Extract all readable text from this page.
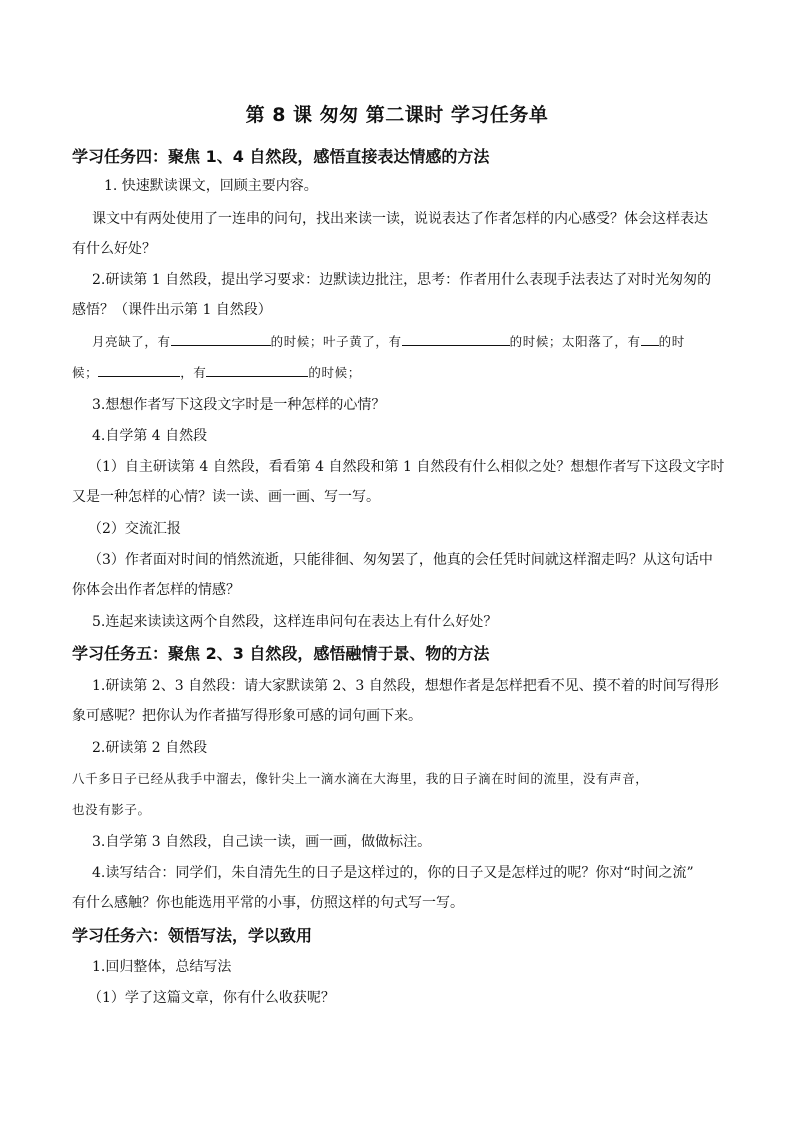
第 8 课 匆匆 第二课时 学习任务单
学习任务四：聚焦 1、4 自然段，感悟直接表达情感的方法
1. 快速默读课文，回顾主要内容。
课文中有两处使用了一连串的问句，找出来读一读，说说表达了作者怎样的内心感受？体会这样表达
有什么好处？
2.研读第 1 自然段，提出学习要求：边默读边批注，思考：作者用什么表现手法表达了对时光匆匆的
感悟？（课件出示第 1 自然段）
月亮缺了，有	的时候；叶子黄了，有	的时候；太阳落了，有 的时
候；	，有	的时候；
3.想想作者写下这段文字时是一种怎样的心情？
4.自学第 4 自然段
（1）自主研读第 4 自然段，看看第 4 自然段和第 1 自然段有什么相似之处？想想作者写下这段文字时
又是一种怎样的心情？读一读、画一画、写一写。
（2）交流汇报
（3）作者面对时间的悄然流逝，只能徘徊、匆匆罢了，他真的会任凭时间就这样溜走吗？从这句话中
你体会出作者怎样的情感？
5.连起来读读这两个自然段，这样连串问句在表达上有什么好处？
学习任务五：聚焦 2、3 自然段，感悟融情于景、物的方法
1.研读第 2、3 自然段：请大家默读第 2、3 自然段，想想作者是怎样把看不见、摸不着的时间写得形
象可感呢？把你认为作者描写得形象可感的词句画下来。
2.研读第 2 自然段
八千多日子已经从我手中溜去，像针尖上一滴水滴在大海里，我的日子滴在时间的流里，没有声音，
也没有影子。
3.自学第 3 自然段，自己读一读，画一画，做做标注。
4.读写结合：同学们，朱自清先生的日子是这样过的，你的日子又是怎样过的呢？你对“时间之流”
有什么感触？你也能选用平常的小事，仿照这样的句式写一写。
学习任务六：领悟写法，学以致用
1.回归整体，总结写法
（1）学了这篇文章，你有什么收获呢？
